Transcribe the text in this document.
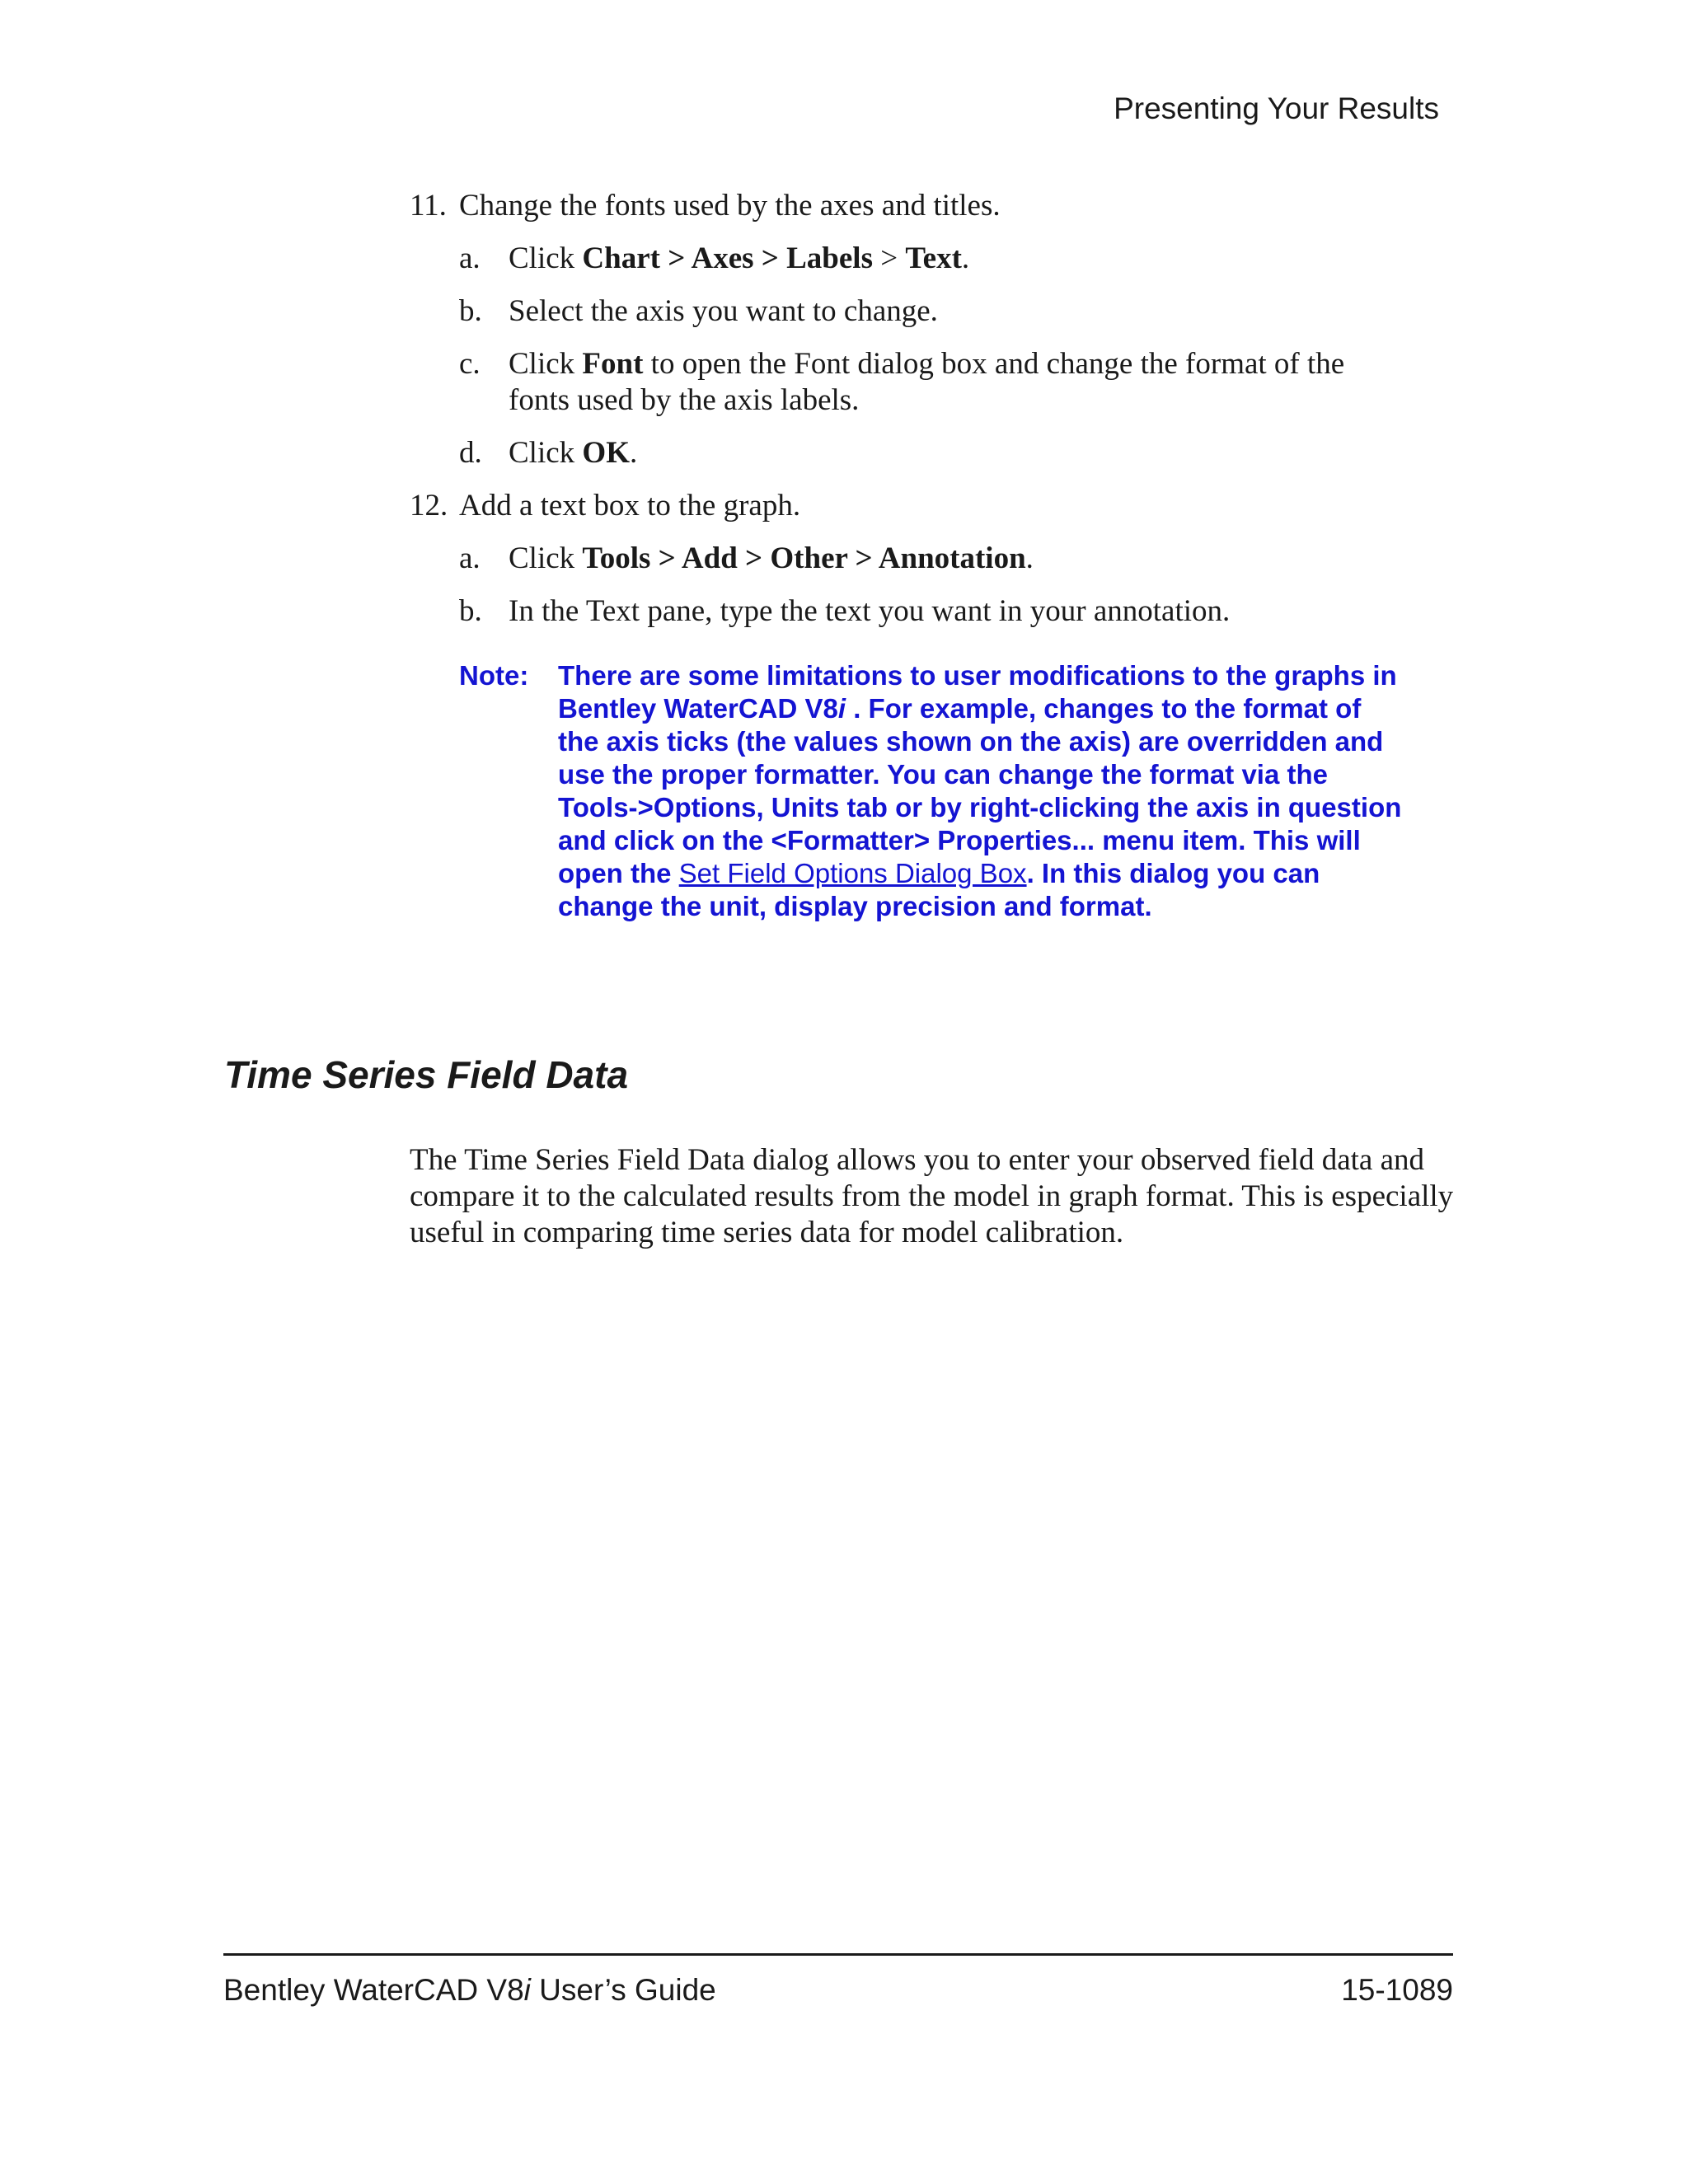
Presenting Your Results
11. Change the fonts used by the axes and titles.
a. Click Chart > Axes > Labels > Text.
b. Select the axis you want to change.
c. Click Font to open the Font dialog box and change the format of the fonts used by the axis labels.
d. Click OK.
12. Add a text box to the graph.
a. Click Tools > Add > Other > Annotation.
b. In the Text pane, type the text you want in your annotation.
Note: There are some limitations to user modifications to the graphs in Bentley WaterCAD V8i . For example, changes to the format of the axis ticks (the values shown on the axis) are overridden and use the proper formatter. You can change the format via the Tools->Options, Units tab or by right-clicking the axis in question and click on the <Formatter> Properties... menu item. This will open the Set Field Options Dialog Box. In this dialog you can change the unit, display precision and format.
Time Series Field Data
The Time Series Field Data dialog allows you to enter your observed field data and compare it to the calculated results from the model in graph format. This is especially useful in comparing time series data for model calibration.
Bentley WaterCAD V8i User’s Guide	15-1089
